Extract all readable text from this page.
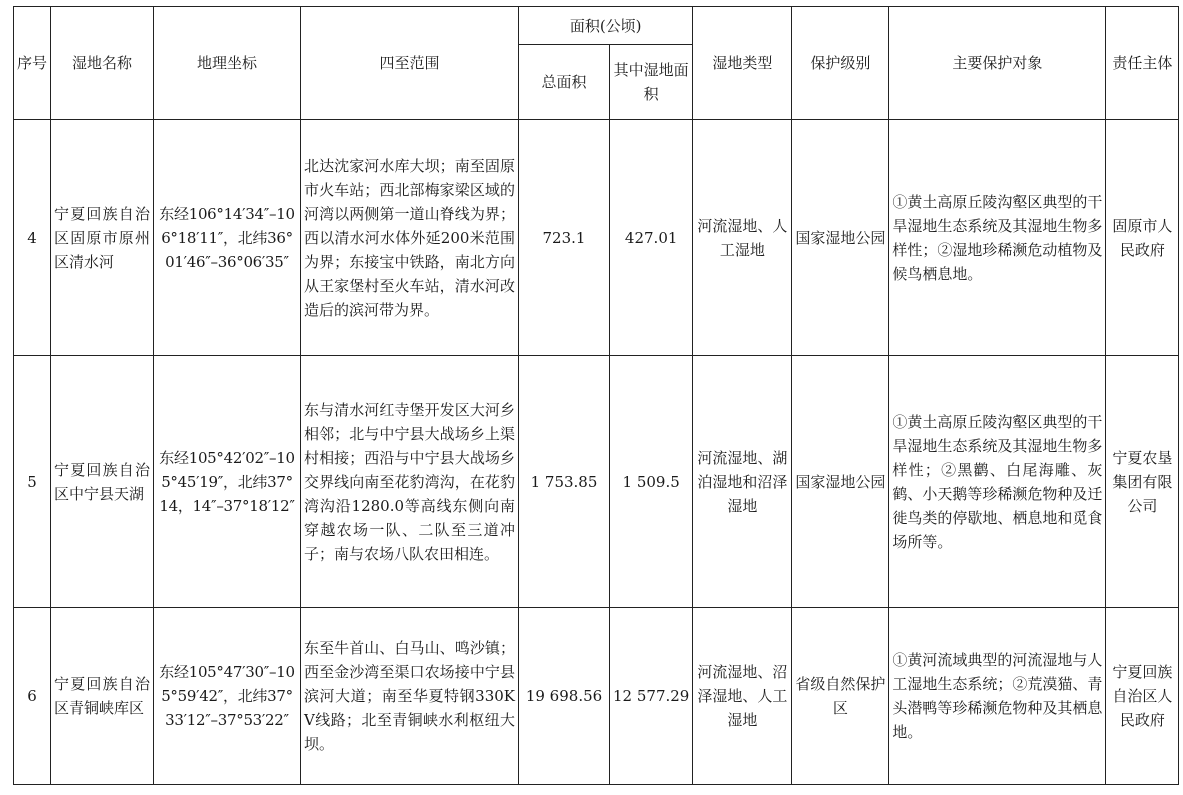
序号	湿地名称	地理坐标	四至范围	面积(公顷)		湿地类型	保护级别	主要保护对象	责任主体
				总面积	其中湿地面积				
4	宁夏回族自治区固原市原州区清水河	东经106°14′34″–106°18′11″，北纬36°01′46″–36°06′35″	北达沈家河水库大坝；南至固原市火车站；西北部梅家梁区域的河湾以两侧第一道山脊线为界；西以清水河水体外延200米范围为界；东接宝中铁路，南北方向从王家堡村至火车站，清水河改造后的滨河带为界。	723.1	427.01	河流湿地、人工湿地	国家湿地公园	①黄土高原丘陵沟壑区典型的干旱湿地生态系统及其湿地生物多样性；②湿地珍稀濒危动植物及候鸟栖息地。	固原市人民政府
5	宁夏回族自治区中宁县天湖	东经105°42′02″–105°45′19″，北纬37°14，14″–37°18′12″	东与清水河红寺堡开发区大河乡相邻；北与中宁县大战场乡上渠村相接；西沿与中宁县大战场乡交界线向南至花豹湾沟，在花豹湾沟沿1280.0等高线东侧向南穿越农场一队、二队至三道冲子；南与农场八队农田相连。	1 753.85	1 509.5	河流湿地、湖泊湿地和沼泽湿地	国家湿地公园	①黄土高原丘陵沟壑区典型的干旱湿地生态系统及其湿地生物多样性；②黑鹳、白尾海雕、灰鹤、小天鹅等珍稀濒危物种及迁徙鸟类的停歇地、栖息地和觅食场所等。	宁夏农垦集团有限公司
6	宁夏回族自治区青铜峡库区	东经105°47′30″–105°59′42″，北纬37°33′12″–37°53′22″	东至牛首山、白马山、鸣沙镇；西至金沙湾至渠口农场接中宁县滨河大道；南至华夏特钢330KV线路；北至青铜峡水利枢纽大坝。	19 698.56	12 577.29	河流湿地、沼泽湿地、人工湿地	省级自然保护区	①黄河流域典型的河流湿地与人工湿地生态系统；②荒漠猫、青头潜鸭等珍稀濒危物种及其栖息地。	宁夏回族自治区人民政府
